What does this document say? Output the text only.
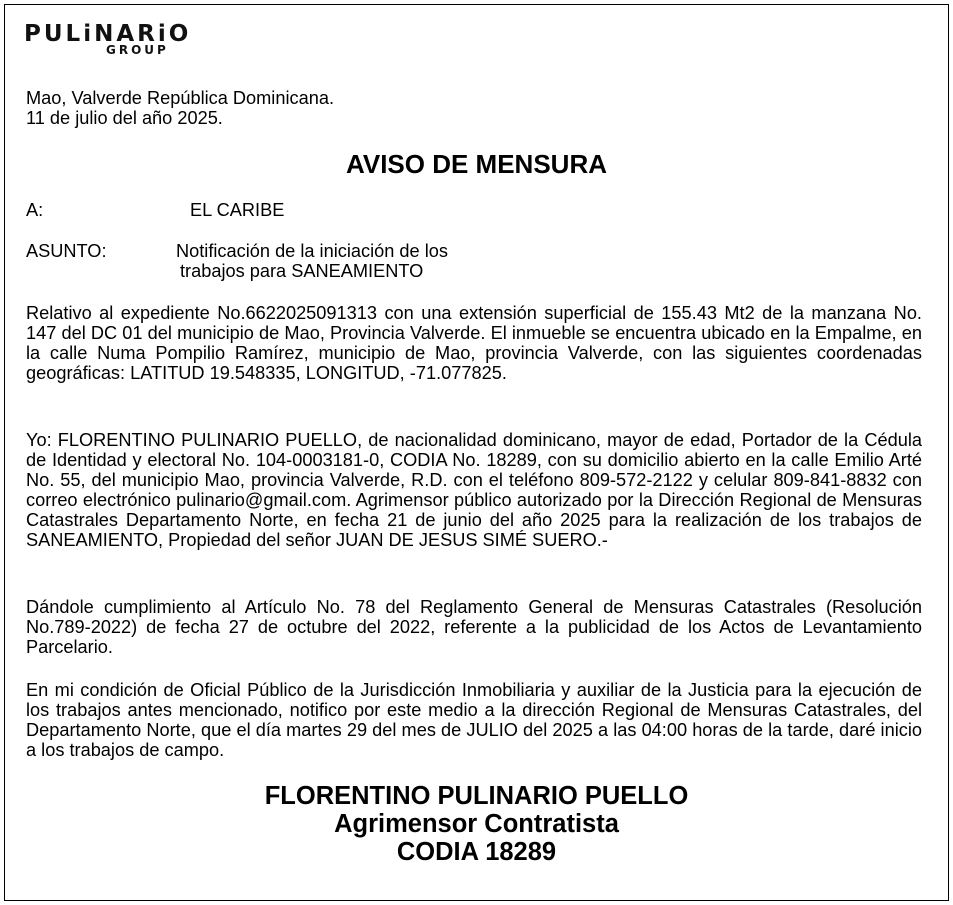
PULiNARiO
GROUP
Mao, Valverde República Dominicana.
11 de julio del año 2025.
AVISO DE MENSURA
A:	EL CARIBE
ASUNTO:	Notificación de la iniciación de los
trabajos para SANEAMIENTO
Relativo al expediente No.6622025091313 con una extensión superficial de 155.43 Mt2 de la manzana No. 147 del DC 01 del municipio de Mao, Provincia Valverde. El inmueble se encuentra ubicado en la Empalme, en la calle Numa Pompilio Ramírez, municipio de Mao, provincia Valverde, con las siguientes coordenadas geográficas: LATITUD 19.548335, LONGITUD, -71.077825.
Yo: FLORENTINO PULINARIO PUELLO, de nacionalidad dominicano, mayor de edad, Portador de la Cédula de Identidad y electoral No. 104-0003181-0, CODIA No. 18289, con su domicilio abierto en la calle Emilio Arté No. 55, del municipio Mao, provincia Valverde, R.D. con el teléfono 809-572-2122 y celular 809-841-8832 con correo electrónico pulinario@gmail.com. Agrimensor público autorizado por la Dirección Regional de Mensuras Catastrales Departamento Norte, en fecha 21 de junio del año 2025 para la realización de los trabajos de SANEAMIENTO, Propiedad del señor JUAN DE JESUS SIMÉ SUERO.-
Dándole cumplimiento al Artículo No. 78 del Reglamento General de Mensuras Catastrales (Resolución No.789-2022) de fecha 27 de octubre del 2022, referente a la publicidad de los Actos de Levantamiento Parcelario.
En mi condición de Oficial Público de la Jurisdicción Inmobiliaria y auxiliar de la Justicia para la ejecución de los trabajos antes mencionado, notifico por este medio a la dirección Regional de Mensuras Catastrales, del Departamento Norte, que el día martes 29 del mes de JULIO del 2025 a las 04:00 horas de la tarde, daré inicio a los trabajos de campo.
FLORENTINO PULINARIO PUELLO
Agrimensor Contratista
CODIA 18289
